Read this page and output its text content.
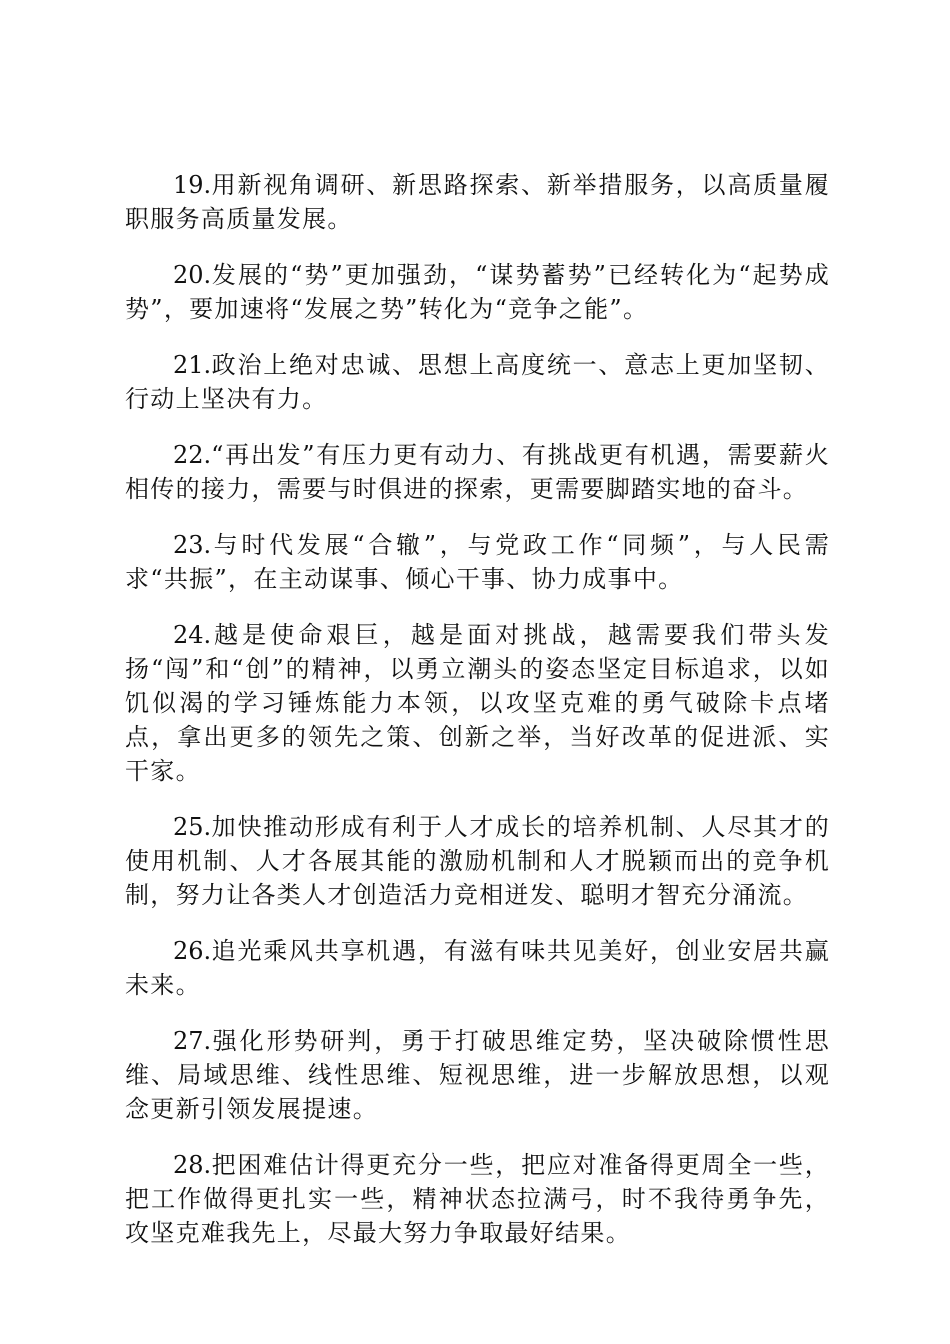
19.用新视角调研、新思路探索、新举措服务，以高质量履职服务高质量发展。

20.发展的“势”更加强劲，“谋势蓄势”已经转化为“起势成势”，要加速将“发展之势”转化为“竞争之能”。

21.政治上绝对忠诚、思想上高度统一、意志上更加坚韧、行动上坚决有力。

22.“再出发”有压力更有动力、有挑战更有机遇，需要薪火相传的接力，需要与时俱进的探索，更需要脚踏实地的奋斗。

23.与时代发展“合辙”，与党政工作“同频”，与人民需求“共振”，在主动谋事、倾心干事、协力成事中。

24.越是使命艰巨，越是面对挑战，越需要我们带头发扬“闯”和“创”的精神，以勇立潮头的姿态坚定目标追求，以如饥似渴的学习锤炼能力本领，以攻坚克难的勇气破除卡点堵点，拿出更多的领先之策、创新之举，当好改革的促进派、实干家。

25.加快推动形成有利于人才成长的培养机制、人尽其才的使用机制、人才各展其能的激励机制和人才脱颖而出的竞争机制，努力让各类人才创造活力竞相迸发、聪明才智充分涌流。

26.追光乘风共享机遇，有滋有味共见美好，创业安居共赢未来。

27.强化形势研判，勇于打破思维定势，坚决破除惯性思维、局域思维、线性思维、短视思维，进一步解放思想，以观念更新引领发展提速。

28.把困难估计得更充分一些，把应对准备得更周全一些，把工作做得更扎实一些，精神状态拉满弓，时不我待勇争先，攻坚克难我先上，尽最大努力争取最好结果。
